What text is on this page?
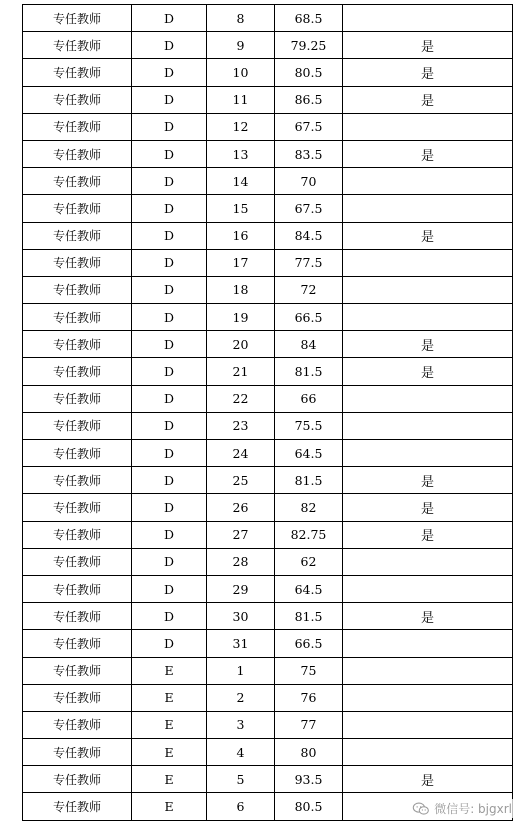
专任教师	D	8	68.5	
专任教师	D	9	79.25	是
专任教师	D	10	80.5	是
专任教师	D	11	86.5	是
专任教师	D	12	67.5	
专任教师	D	13	83.5	是
专任教师	D	14	70	
专任教师	D	15	67.5	
专任教师	D	16	84.5	是
专任教师	D	17	77.5	
专任教师	D	18	72	
专任教师	D	19	66.5	
专任教师	D	20	84	是
专任教师	D	21	81.5	是
专任教师	D	22	66	
专任教师	D	23	75.5	
专任教师	D	24	64.5	
专任教师	D	25	81.5	是
专任教师	D	26	82	是
专任教师	D	27	82.75	是
专任教师	D	28	62	
专任教师	D	29	64.5	
专任教师	D	30	81.5	是
专任教师	D	31	66.5	
专任教师	E	1	75	
专任教师	E	2	76	
专任教师	E	3	77	
专任教师	E	4	80	
专任教师	E	5	93.5	是
专任教师	E	6	80.5		微信号: bjgxrl
